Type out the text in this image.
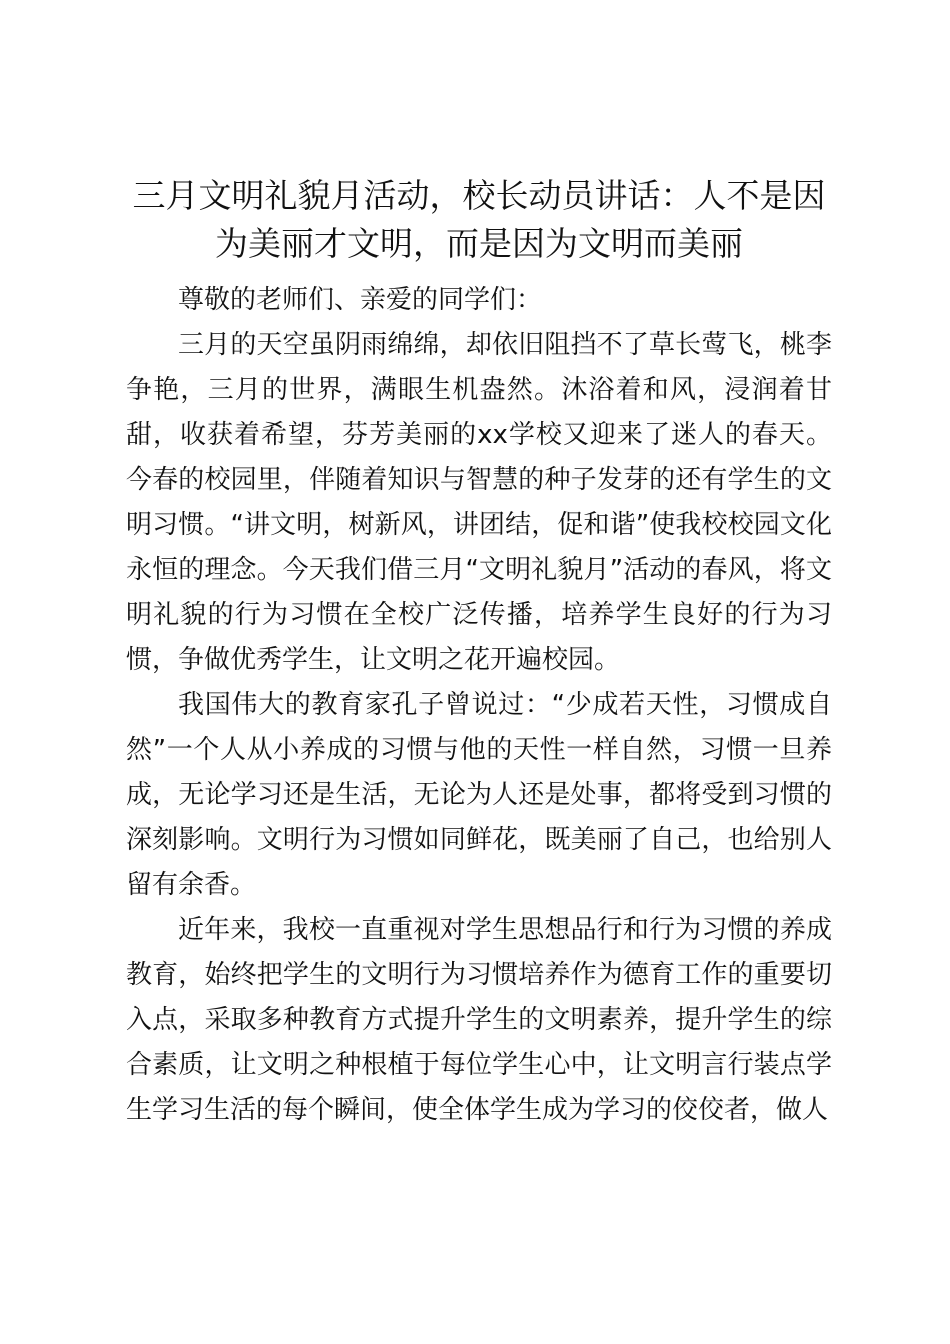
三月文明礼貌月活动，校长动员讲话：人不是因为美丽才文明，而是因为文明而美丽

尊敬的老师们、亲爱的同学们：

三月的天空虽阴雨绵绵，却依旧阻挡不了草长莺飞，桃李争艳，三月的世界，满眼生机盎然。沐浴着和风，浸润着甘甜，收获着希望，芬芳美丽的xx学校又迎来了迷人的春天。今春的校园里，伴随着知识与智慧的种子发芽的还有学生的文明习惯。“讲文明，树新风，讲团结，促和谐”使我校校园文化永恒的理念。今天我们借三月“文明礼貌月”活动的春风，将文明礼貌的行为习惯在全校广泛传播，培养学生良好的行为习惯，争做优秀学生，让文明之花开遍校园。

我国伟大的教育家孔子曾说过：“少成若天性，习惯成自然”一个人从小养成的习惯与他的天性一样自然，习惯一旦养成，无论学习还是生活，无论为人还是处事，都将受到习惯的深刻影响。文明行为习惯如同鲜花，既美丽了自己，也给别人留有余香。

近年来，我校一直重视对学生思想品行和行为习惯的养成教育，始终把学生的文明行为习惯培养作为德育工作的重要切入点，采取多种教育方式提升学生的文明素养，提升学生的综合素质，让文明之种根植于每位学生心中，让文明言行装点学生学习生活的每个瞬间，使全体学生成为学习的佼佼者，做人
